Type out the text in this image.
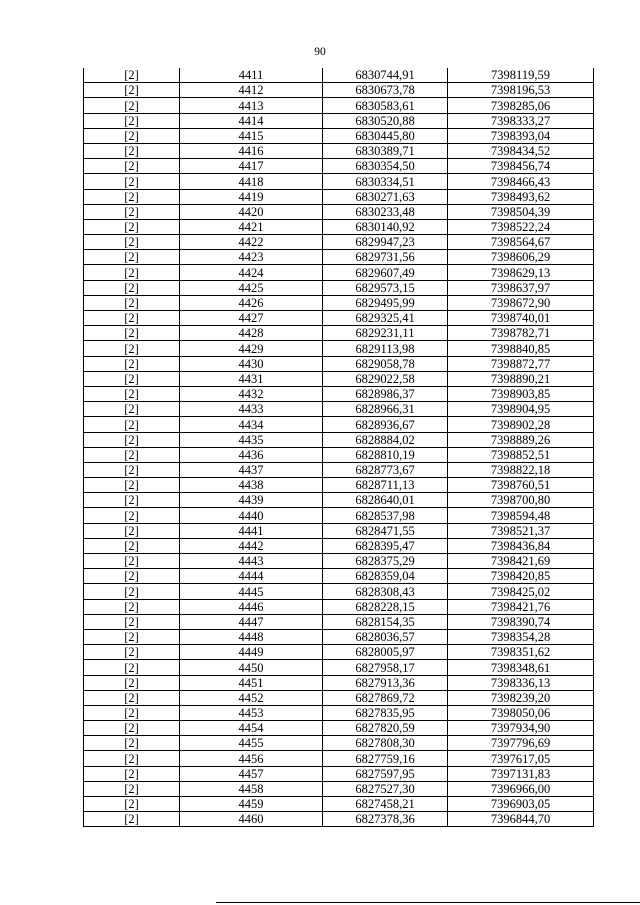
90
[2]	4411	6830744,91	7398119,59
[2]	4412	6830673,78	7398196,53
[2]	4413	6830583,61	7398285,06
[2]	4414	6830520,88	7398333,27
[2]	4415	6830445,80	7398393,04
[2]	4416	6830389,71	7398434,52
[2]	4417	6830354,50	7398456,74
[2]	4418	6830334,51	7398466,43
[2]	4419	6830271,63	7398493,62
[2]	4420	6830233,48	7398504,39
[2]	4421	6830140,92	7398522,24
[2]	4422	6829947,23	7398564,67
[2]	4423	6829731,56	7398606,29
[2]	4424	6829607,49	7398629,13
[2]	4425	6829573,15	7398637,97
[2]	4426	6829495,99	7398672,90
[2]	4427	6829325,41	7398740,01
[2]	4428	6829231,11	7398782,71
[2]	4429	6829113,98	7398840,85
[2]	4430	6829058,78	7398872,77
[2]	4431	6829022,58	7398890,21
[2]	4432	6828986,37	7398903,85
[2]	4433	6828966,31	7398904,95
[2]	4434	6828936,67	7398902,28
[2]	4435	6828884,02	7398889,26
[2]	4436	6828810,19	7398852,51
[2]	4437	6828773,67	7398822,18
[2]	4438	6828711,13	7398760,51
[2]	4439	6828640,01	7398700,80
[2]	4440	6828537,98	7398594,48
[2]	4441	6828471,55	7398521,37
[2]	4442	6828395,47	7398436,84
[2]	4443	6828375,29	7398421,69
[2]	4444	6828359,04	7398420,85
[2]	4445	6828308,43	7398425,02
[2]	4446	6828228,15	7398421,76
[2]	4447	6828154,35	7398390,74
[2]	4448	6828036,57	7398354,28
[2]	4449	6828005,97	7398351,62
[2]	4450	6827958,17	7398348,61
[2]	4451	6827913,36	7398336,13
[2]	4452	6827869,72	7398239,20
[2]	4453	6827835,95	7398050,06
[2]	4454	6827820,59	7397934,90
[2]	4455	6827808,30	7397796,69
[2]	4456	6827759,16	7397617,05
[2]	4457	6827597,95	7397131,83
[2]	4458	6827527,30	7396966,00
[2]	4459	6827458,21	7396903,05
[2]	4460	6827378,36	7396844,70
